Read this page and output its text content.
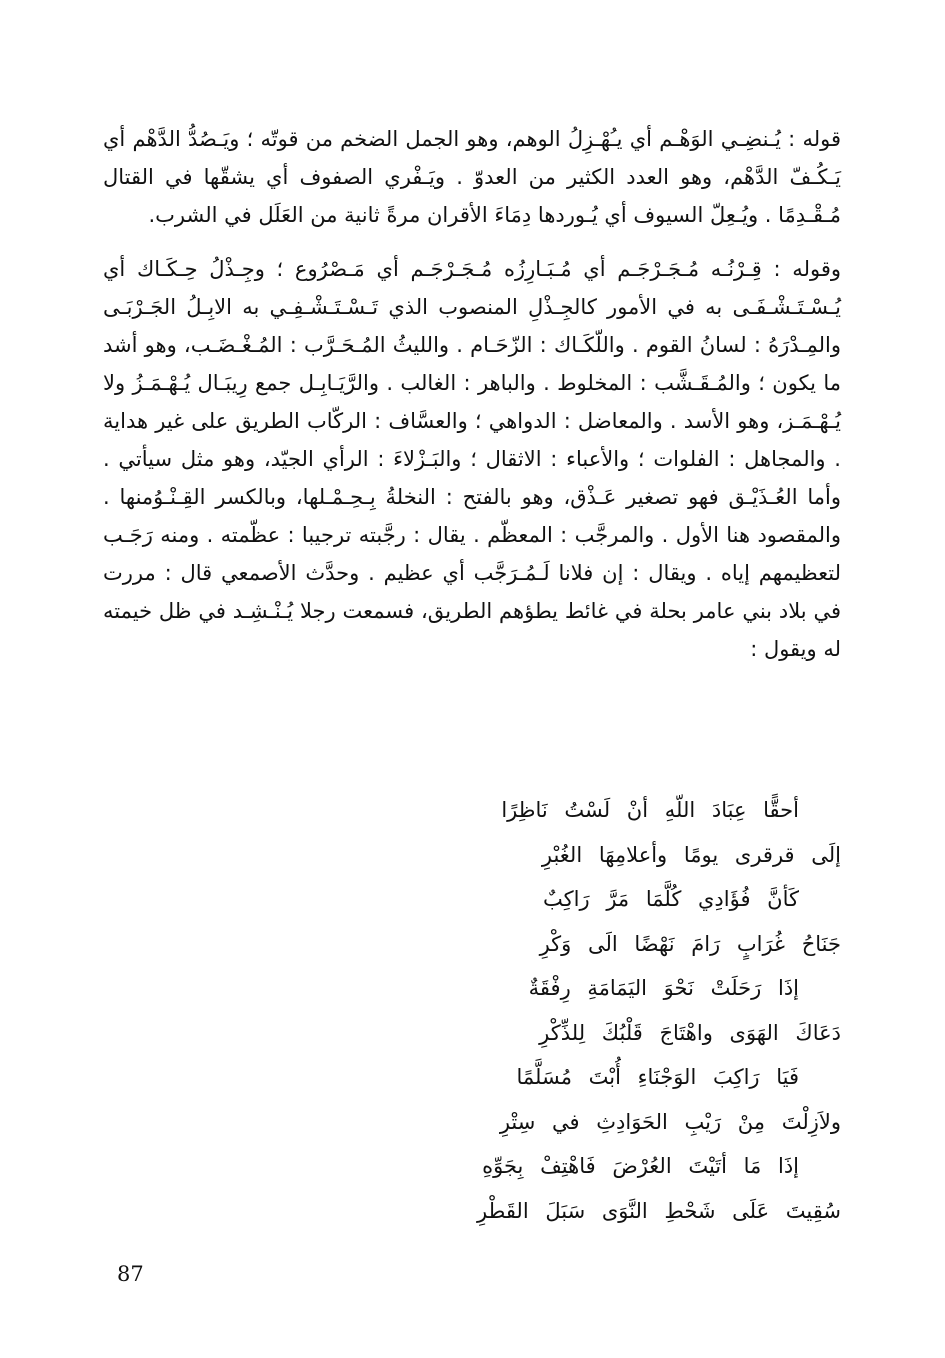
قوله : يُـنضِـي الوَهْـم أي يـُهْـزِلُ الوهم، وهو الجمل الضخم من قوتّه ؛ ويَـصُدُّ الدَّهْم أي يَـكُـفّ الدَّهْم، وهو العدد الكثير من العدوّ . ويَـفْري الصفوف أي يشقّها في القتال مُـقْـدِمًا . ويُـعِلّ السيوف أي يُـوردها دِمَاءَ الأقران مرةً ثانية من العَلَل في الشرب.

وقوله : قِـرْنُـه مُـجَـرْجَـم أي مُـبَـارِزُه مُـجَـرْجَـم أي مَـصْرُوع ؛ وجِـذْلُ حِـكَـاك أي يُـسْـتَـشْـفَـى به في الأمور كالجِـذْلِ المنصوب الذي تَـسْـتَـشْـفِـي به الابِـلُ الجَـرْبَـى والمِـدْرَهُ : لسانُ القوم . واللّكَـاك : الزّحَـام . والليثُ المُـحَـرَّب : المُـغْـضَـب، وهو أشد ما يكون ؛ والمُـقَـشَّب : المخلوط . والباهر : الغالب . والرَّيَـابِـل جمع رِيبَـال يُـهْـمَـزُ ولا يُـهْـمَـز، وهو الأسد . والمعاضل : الدواهي ؛ والعسَّاف : الركّاب الطريق على غير هداية . والمجاهل : الفلوات ؛ والأعباء : الاثقال ؛ والبَـزْلاءَ : الرأي الجيّد، وهو مثل سيأتي . وأما العُـذَيْـق فهو تصغير عَـذْق، وهو بالفتح : النخلةُ بِـحِـمْـلها، وبالكسر القِـنْـوُمنها . والمقصود هنا الأول . والمرجَّب : المعظّم . يقال : رجَّبته ترجيبا : عظّمته . ومنه رَجَـب لتعظيمهم إياه . ويقال : إن فلانا لَـمُـرَجَّب أي عظيم . وحدَّث الأصمعي قال : مررت في بلاد بني عامر بحلة في غائط يطؤهم الطريق، فسمعت رجلا يُـنْـشِـد في ظل خيمته له ويقول :

أحقًّا عِبَادَ اللّهِ أنْ لَسْتُ نَاظِرًا

إلَى قرقرى يومًا وأعلامِهَا الغُبْرِ

كَأنَّ فُؤَادِي كُلَّمَا مَرَّ رَاكِبٌ

جَنَاحُ غُرَابٍ رَامَ نَهْضًا الَى وَكْرِ

إذَا رَحَلَتْ نَحْوَ اليَمَامَةِ رِفْقَةٌ

دَعَاكَ الهَوَى واهْتَاجَ قَلْبُكَ لِلذِّكْرِ

فَيَا رَاكِبَ الوَجْنَاءِ أُبْتَ مُسَلَّمًا

ولاَزِلْتَ مِنْ رَيْبِ الحَوَادِثِ في سِتْرِ

إذَا مَا أتَيْتَ العُرْضَ فَاهْتِفْ بِجَوِّهِ

سُقِيتَ عَلَى شَحْطِ النَّوَى سَبَلَ القَطْرِ

87
